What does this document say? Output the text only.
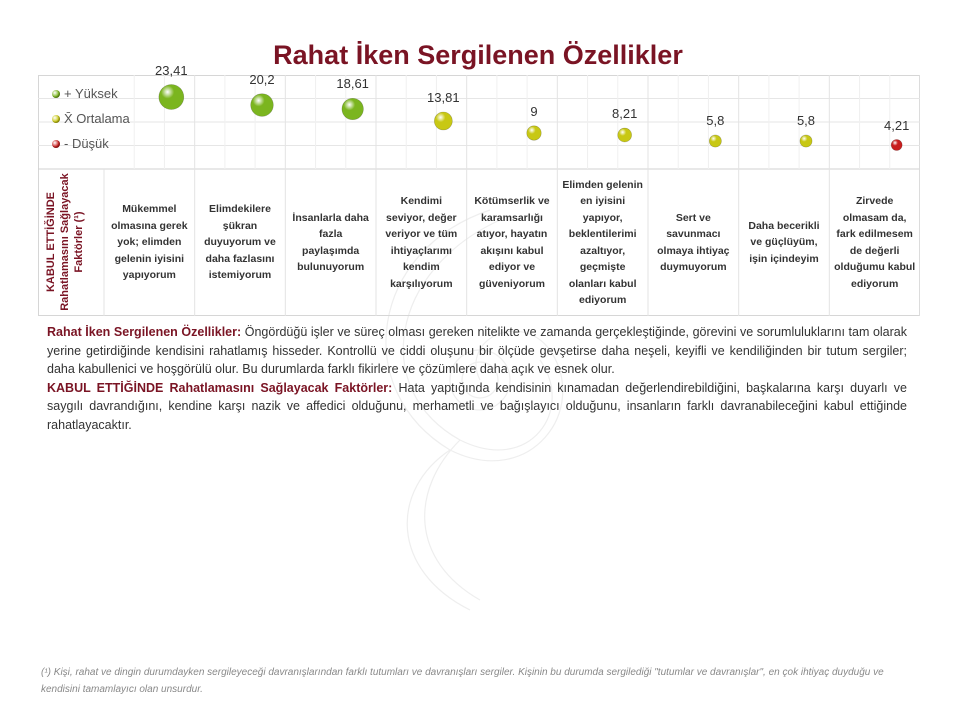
Rahat İken Sergilenen Özellikler
+ Yüksek
X̄ Ortalama
- Düşük
23,41
20,2	18,61
13,81
9	8,21	5,8	5,8	4,21
KABUL ETTİĞİNDE Rahatlamasını Sağlayacak Faktörler (¹)
Mükemmel olmasına gerek yok; elimden gelenin iyisini yapıyorum
Elimdekilere şükran duyuyorum ve daha fazlasını istemiyorum
İnsanlarla daha fazla paylaşımda bulunuyorum
Kendimi seviyor, değer veriyor ve tüm ihtiyaçlarımı kendim karşılıyorum
Kötümserlik ve karamsarlığı atıyor, hayatın akışını kabul ediyor ve güveniyorum
Elimden gelenin en iyisini yapıyor, beklentilerimi azaltıyor, geçmişte olanları kabul ediyorum
Sert ve savunmacı olmaya ihtiyaç duymuyorum
Daha becerikli ve güçlüyüm, işin içindeyim
Zirvede olmasam da, fark edilmesem de değerli olduğumu kabul ediyorum

Rahat İken Sergilenen Özellikler: Öngördüğü işler ve süreç olması gereken nitelikte ve zamanda gerçekleştiğinde, görevini ve sorumluluklarını tam olarak yerine getirdiğinde kendisini rahatlamış hisseder. Kontrollü ve ciddi oluşunu bir ölçüde gevşetirse daha neşeli, keyifli ve kendiliğinden bir tutum sergiler; daha kabullenici ve hoşgörülü olur. Bu durumlarda farklı fikirlere ve çözümlere daha açık ve esnek olur.

KABUL ETTİĞİNDE Rahatlamasını Sağlayacak Faktörler: Hata yaptığında kendisinin kınamadan değerlendirebildiğini, başkalarına karşı duyarlı ve saygılı davrandığını, kendine karşı nazik ve affedici olduğunu, merhametli ve bağışlayıcı olduğunu, insanların farklı davranabileceğini kabul ettiğinde rahatlayacaktır.

(¹) Kişi, rahat ve dingin durumdayken sergileyeceği davranışlarından farklı tutumları ve davranışları sergiler. Kişinin bu durumda sergilediği "tutumlar ve davranışlar", en çok ihtiyaç duyduğu ve kendisini tamamlayıcı olan unsurdur.
